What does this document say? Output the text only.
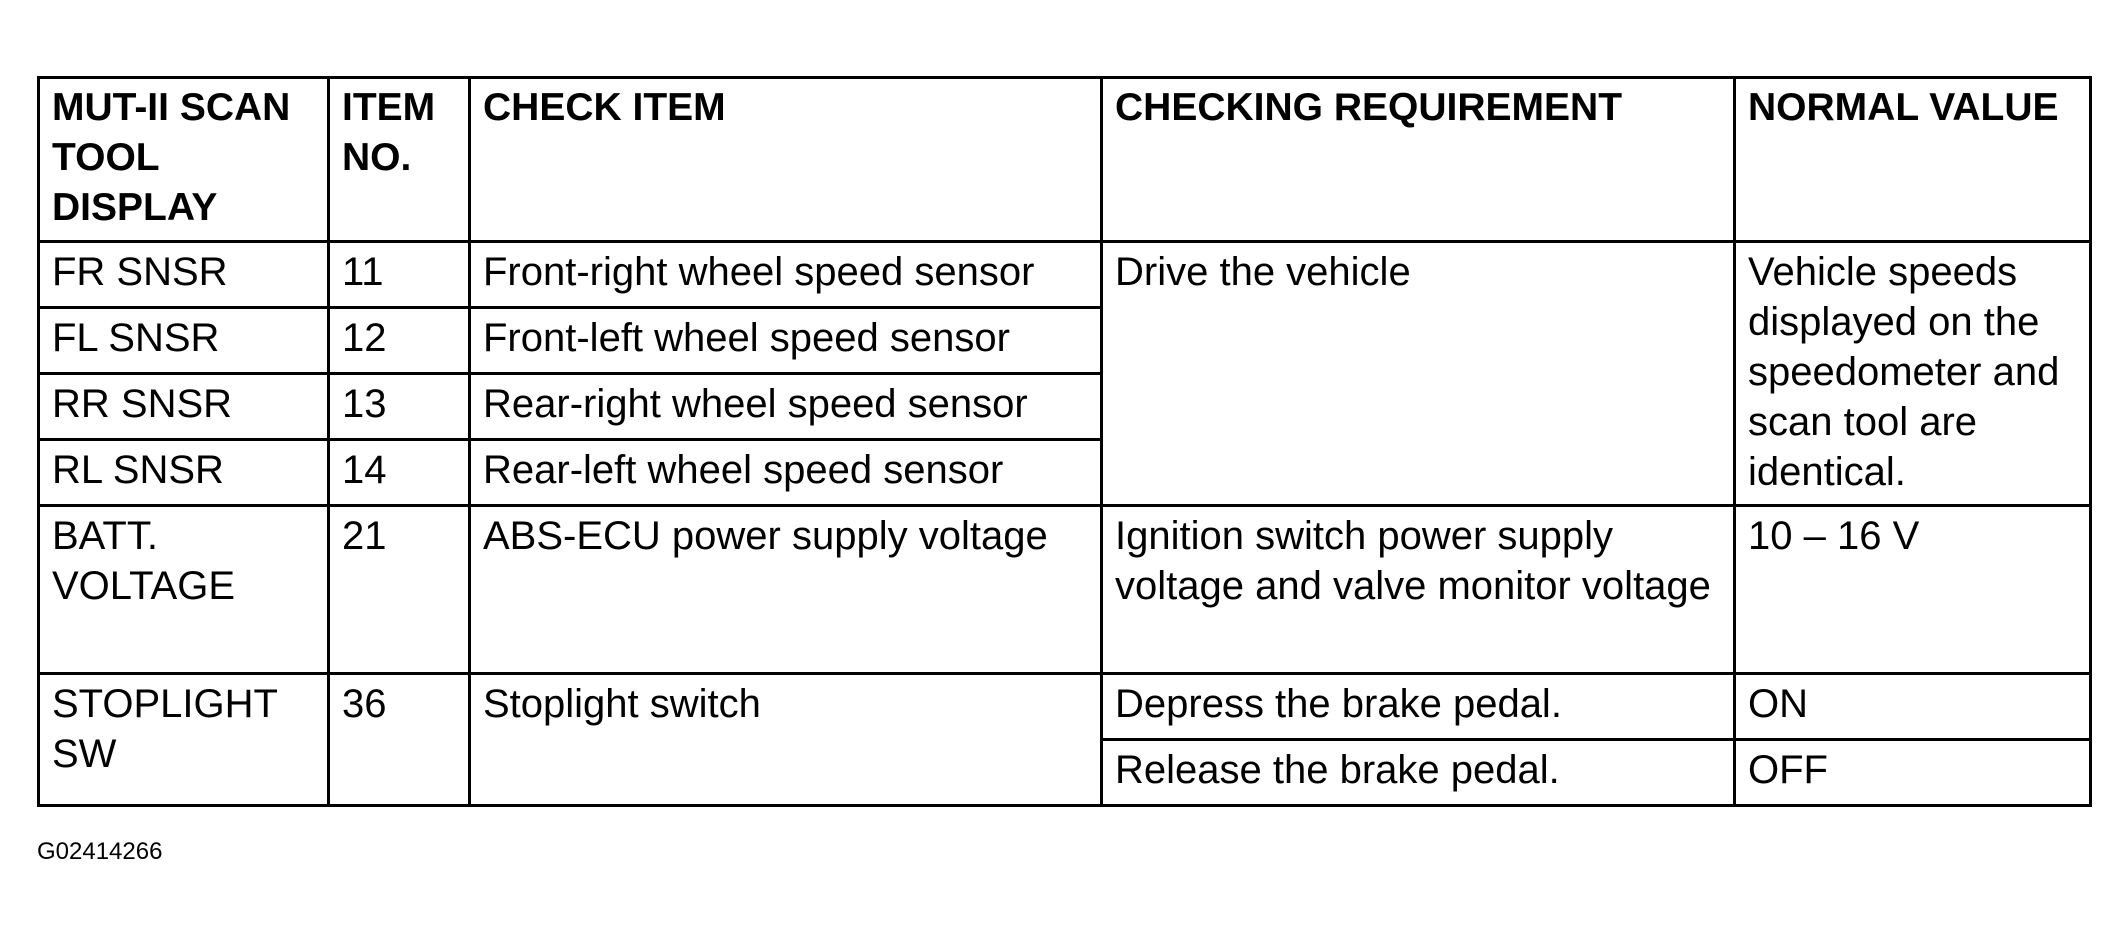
MUT-II SCAN TOOL DISPLAY	ITEM NO.	CHECK ITEM	CHECKING REQUIREMENT	NORMAL VALUE
FR SNSR	11	Front-right wheel speed sensor	Drive the vehicle	Vehicle speeds displayed on the speedometer and scan tool are identical.
FL SNSR	12	Front-left wheel speed sensor		
RR SNSR	13	Rear-right wheel speed sensor		
RL SNSR	14	Rear-left wheel speed sensor		
BATT. VOLTAGE	21	ABS-ECU power supply voltage	Ignition switch power supply voltage and valve monitor voltage	10 – 16 V
STOPLIGHT SW	36	Stoplight switch	Depress the brake pedal.	ON
			Release the brake pedal.	OFF
G02414266
